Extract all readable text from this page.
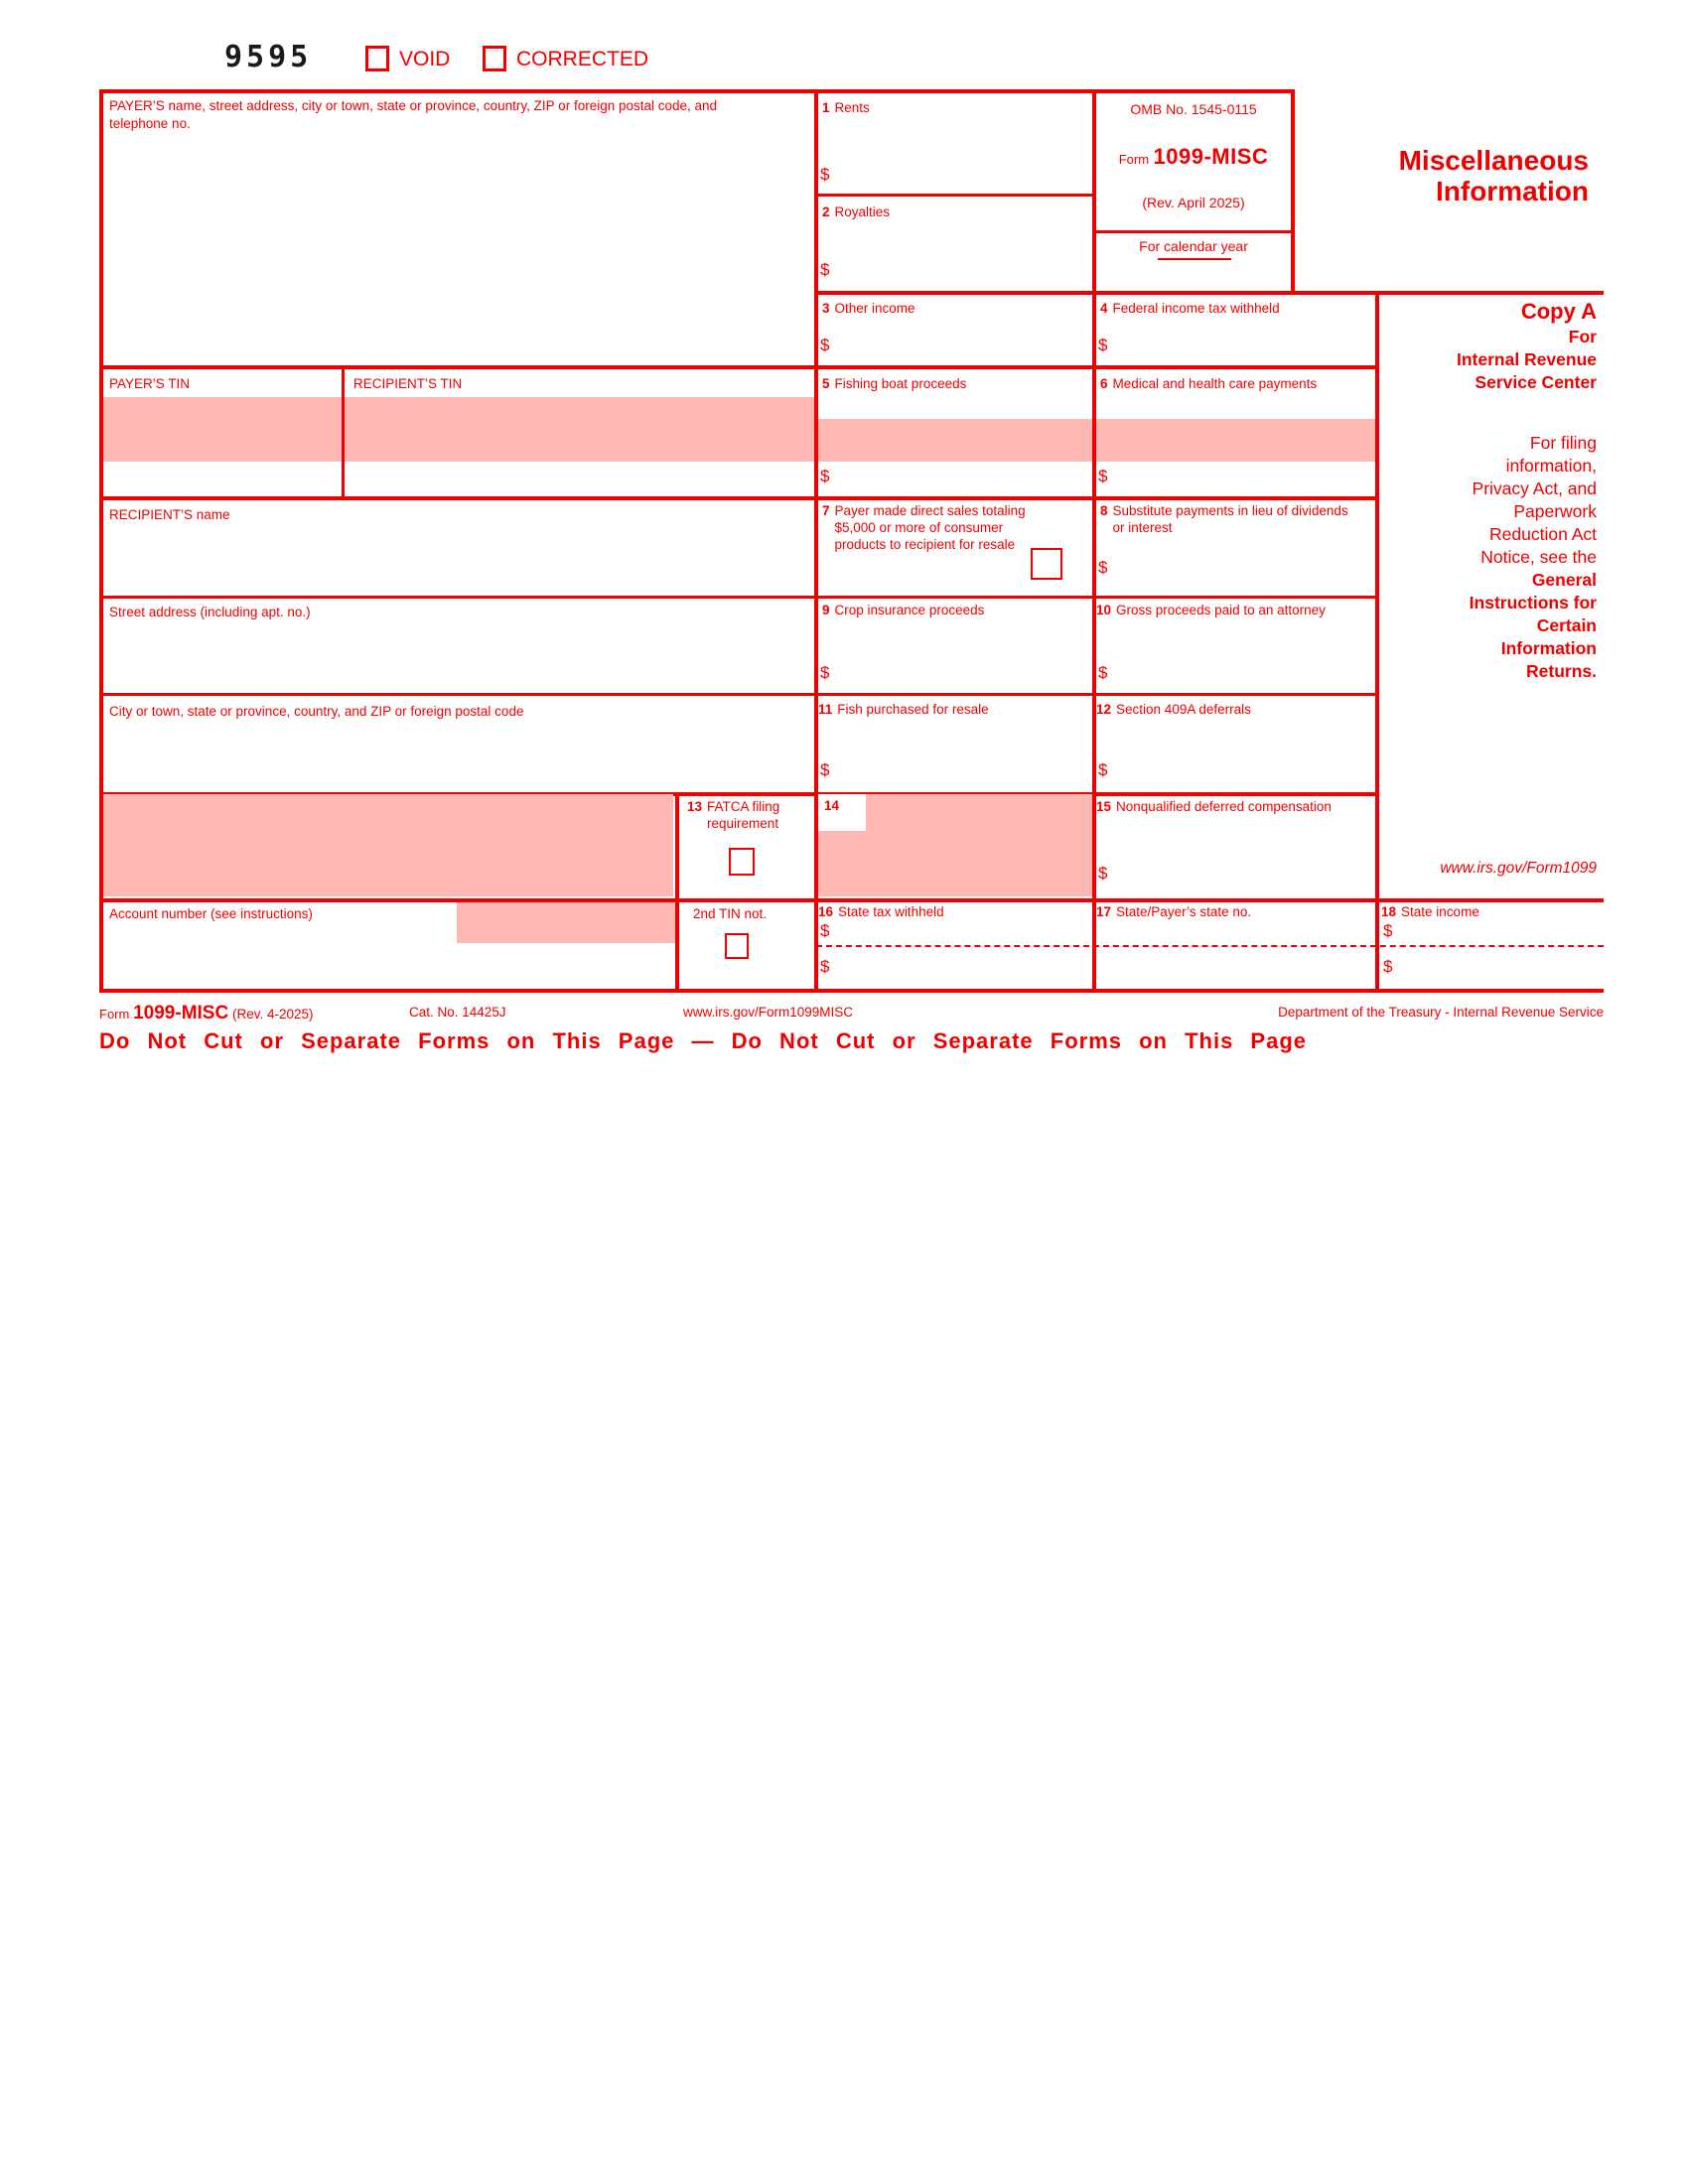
9595	VOID	CORRECTED
PAYER’S name, street address, city or town, state or province, country, ZIP or foreign postal code, and telephone no.
1 Rents
$
2 Royalties
$
OMB No. 1545-0115
Form 1099-MISC
(Rev. April 2025)
For calendar year
Miscellaneous
Information
3 Other income
$
4 Federal income tax withheld
$
PAYER’S TIN	RECIPIENT’S TIN	5 Fishing boat proceeds
$
6 Medical and health care payments
$
RECIPIENT’S name	7 Payer made direct sales totaling $5,000 or more of consumer products to recipient for resale
8 Substitute payments in lieu of dividends or interest
$
Street address (including apt. no.)	9 Crop insurance proceeds
$
10 Gross proceeds paid to an attorney
$
City or town, state or province, country, and ZIP or foreign postal code	11 Fish purchased for resale
$
12 Section 409A deferrals
$
13 FATCA filing requirement
14	15 Nonqualified deferred compensation
$
Account number (see instructions)	2nd TIN not.	16 State tax withheld
$
$
17 State/Payer’s state no.	18 State income
$
$
Copy A
For
Internal Revenue
Service Center
For filing
information,
Privacy Act, and
Paperwork
Reduction Act
Notice, see the
General
Instructions for
Certain
Information
Returns.
www.irs.gov/Form1099
Form 1099-MISC (Rev. 4-2025)	Cat. No. 14425J	www.irs.gov/Form1099MISC	Department of the Treasury - Internal Revenue Service
Do Not Cut or Separate Forms on This Page — Do Not Cut or Separate Forms on This Page
